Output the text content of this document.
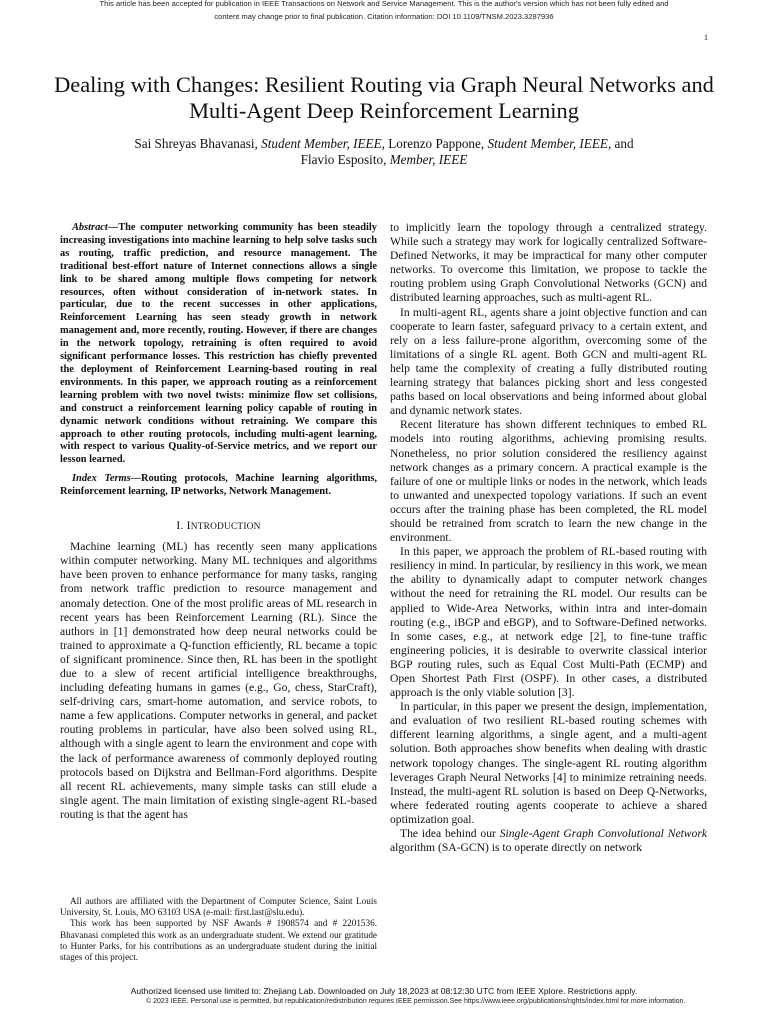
This article has been accepted for publication in IEEE Transactions on Network and Service Management. This is the author's version which has not been fully edited and
content may change prior to final publication. Citation information: DOI 10.1109/TNSM.2023.3287936
1
Dealing with Changes: Resilient Routing via Graph Neural Networks and Multi-Agent Deep Reinforcement Learning
Sai Shreyas Bhavanasi, Student Member, IEEE, Lorenzo Pappone, Student Member, IEEE, and
Flavio Esposito, Member, IEEE

Abstract—The computer networking community has been steadily increasing investigations into machine learning to help solve tasks such as routing, traffic prediction, and resource management. The traditional best-effort nature of Internet connections allows a single link to be shared among multiple flows competing for network resources, often without consideration of in-network states. In particular, due to the recent successes in other applications, Reinforcement Learning has seen steady growth in network management and, more recently, routing. However, if there are changes in the network topology, retraining is often required to avoid significant performance losses. This restriction has chiefly prevented the deployment of Reinforcement Learning-based routing in real environments. In this paper, we approach routing as a reinforcement learning problem with two novel twists: minimize flow set collisions, and construct a reinforcement learning policy capable of routing in dynamic network conditions without retraining. We compare this approach to other routing protocols, including multi-agent learning, with respect to various Quality-of-Service metrics, and we report our lesson learned.

Index Terms—Routing protocols, Machine learning algorithms, Reinforcement learning, IP networks, Network Management.

I. INTRODUCTION

Machine learning (ML) has recently seen many applications within computer networking. Many ML techniques and algorithms have been proven to enhance performance for many tasks, ranging from network traffic prediction to resource management and anomaly detection. One of the most prolific areas of ML research in recent years has been Reinforcement Learning (RL). Since the authors in [1] demonstrated how deep neural networks could be trained to approximate a Q-function efficiently, RL became a topic of significant prominence. Since then, RL has been in the spotlight due to a slew of recent artificial intelligence breakthroughs, including defeating humans in games (e.g., Go, chess, StarCraft), self-driving cars, smart-home automation, and service robots, to name a few applications. Computer networks in general, and packet routing problems in particular, have also been solved using RL, although with a single agent to learn the environment and cope with the lack of performance awareness of commonly deployed routing protocols based on Dijkstra and Bellman-Ford algorithms. Despite all recent RL achievements, many simple tasks can still elude a single agent. The main limitation of existing single-agent RL-based routing is that the agent has

All authors are affiliated with the Department of Computer Science, Saint Louis University, St. Louis, MO 63103 USA (e-mail: first.last@slu.edu).

This work has been supported by NSF Awards # 1908574 and # 2201536. Bhavanasi completed this work as an undergraduate student. We extend our gratitude to Hunter Parks, for his contributions as an undergraduate student during the initial stages of this project.

to implicitly learn the topology through a centralized strategy. While such a strategy may work for logically centralized Software-Defined Networks, it may be impractical for many other computer networks. To overcome this limitation, we propose to tackle the routing problem using Graph Convolutional Networks (GCN) and distributed learning approaches, such as multi-agent RL.

In multi-agent RL, agents share a joint objective function and can cooperate to learn faster, safeguard privacy to a certain extent, and rely on a less failure-prone algorithm, overcoming some of the limitations of a single RL agent. Both GCN and multi-agent RL help tame the complexity of creating a fully distributed routing learning strategy that balances picking short and less congested paths based on local observations and being informed about global and dynamic network states.

Recent literature has shown different techniques to embed RL models into routing algorithms, achieving promising results. Nonetheless, no prior solution considered the resiliency against network changes as a primary concern. A practical example is the failure of one or multiple links or nodes in the network, which leads to unwanted and unexpected topology variations. If such an event occurs after the training phase has been completed, the RL model should be retrained from scratch to learn the new change in the environment.

In this paper, we approach the problem of RL-based routing with resiliency in mind. In particular, by resiliency in this work, we mean the ability to dynamically adapt to computer network changes without the need for retraining the RL model. Our results can be applied to Wide-Area Networks, within intra and inter-domain routing (e.g., iBGP and eBGP), and to Software-Defined networks. In some cases, e.g., at network edge [2], to fine-tune traffic engineering policies, it is desirable to overwrite classical interior BGP routing rules, such as Equal Cost Multi-Path (ECMP) and Open Shortest Path First (OSPF). In other cases, a distributed approach is the only viable solution [3].

In particular, in this paper we present the design, implementation, and evaluation of two resilient RL-based routing schemes with different learning algorithms, a single agent, and a multi-agent solution. Both approaches show benefits when dealing with drastic network topology changes. The single-agent RL routing algorithm leverages Graph Neural Networks [4] to minimize retraining needs. Instead, the multi-agent RL solution is based on Deep Q-Networks, where federated routing agents cooperate to achieve a shared optimization goal.

The idea behind our Single-Agent Graph Convolutional Network algorithm (SA-GCN) is to operate directly on network

Authorized licensed use limited to: Zhejiang Lab. Downloaded on July 18,2023 at 08:12:30 UTC from IEEE Xplore. Restrictions apply.
© 2023 IEEE. Personal use is permitted, but republication/redistribution requires IEEE permission.See https://www.ieee.org/publications/rights/index.html for more information.
